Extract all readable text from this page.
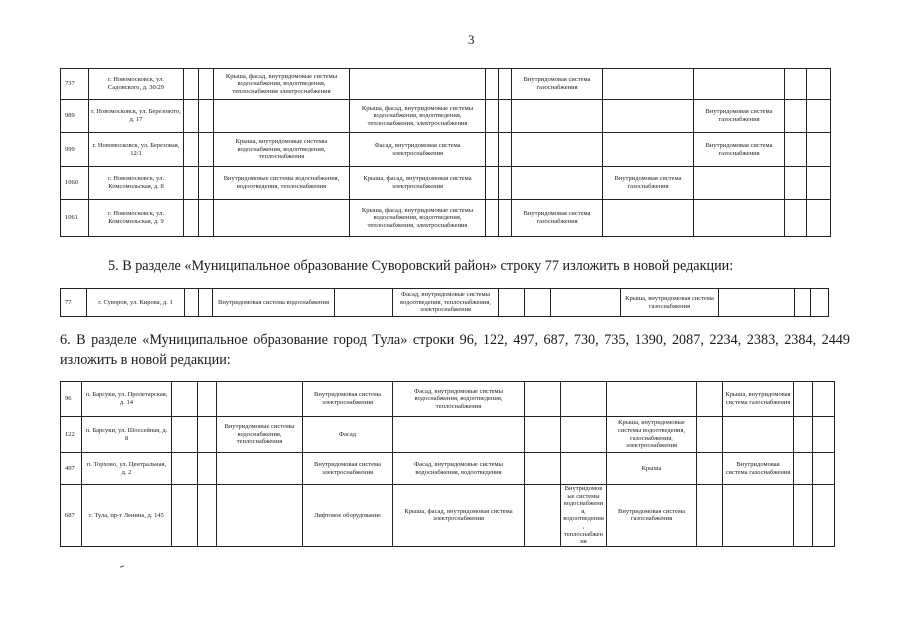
3
737	г. Новомосковск, ул. Садовского, д. 30/29			Крыша, фасад, внутридомовые системы водоснабжения, водоотведения, теплоснабжения электроснабжения				Внутридомовая система газоснабжения				
989	г. Новомосковск, ул. Березового, д. 17				Крыша, фасад, внутридомовые системы водоснабжения, водоотведения, теплоснабжения, электроснабжения					Внутридомовая система газоснабжения		
999	г. Новомосковск, ул. Березовая, 12/1			Крыша, внутридомовые системы водоснабжения, водоотведения, теплоснабжения	Фасад, внутридомовая система электроснабжения					Внутридомовая система газоснабжения		
1060	г. Новомосковск, ул. Комсомольская, д. 8			Внутридомовые системы водоснабжения, водоотведения, теплоснабжения	Крыша, фасад, внутридомовая система электроснабжения				Внутридомовая система газоснабжения			
1061	г. Новомосковск, ул. Комсомольская, д. 9				Крыша, фасад, внутридомовые системы водоснабжения, водоотведения, теплоснабжения, электроснабжения			Внутридомовая система газоснабжения				
5. В разделе «Муниципальное образование Суворовский район» строку 77 изложить в новой редакции:
77	г. Суворов, ул. Кирова, д. 1			Внутридомовая система водоснабжения		Фасад, внутридомовые системы водоотведения, теплоснабжения, электроснабжения				Крыша, внутридомовая система газоснабжения			
6. В разделе «Муниципальное образование город Тула» строки 96, 122, 497, 687, 730, 735, 1390, 2087, 2234, 2383, 2384, 2449 изложить в новой редакции:
96	п. Барсуки, ул. Пролетарская, д. 14				Внутридомовая система электроснабжения	Фасад, внутридомовые системы водоснабжения, водоотведения, теплоснабжения					Крыша, внутридомовая система газоснабжения		
122	п. Барсуки, ул. Шоссейная, д. 8			Внутридомовые системы водоснабжения, теплоснабжения	Фасад				Крыша, внутридомовые системы водоотведения, газоснабжения, электроснабжения				
497	п. Торхово, ул. Центральная, д. 2				Внутридомовая система электроснабжения	Фасад, внутридомовые системы водоснабжения, водоотведения			Крыша		Внутридомовая система газоснабжения		
687	г. Тула, пр-т Ленина, д. 145				Лифтовое оборудование	Крыша, фасад, внутридомовая система электроснабжения		Внутридомовые системы водоснабжения, водоотведения, теплоснабжения	Внутридомовая система газоснабжения				
